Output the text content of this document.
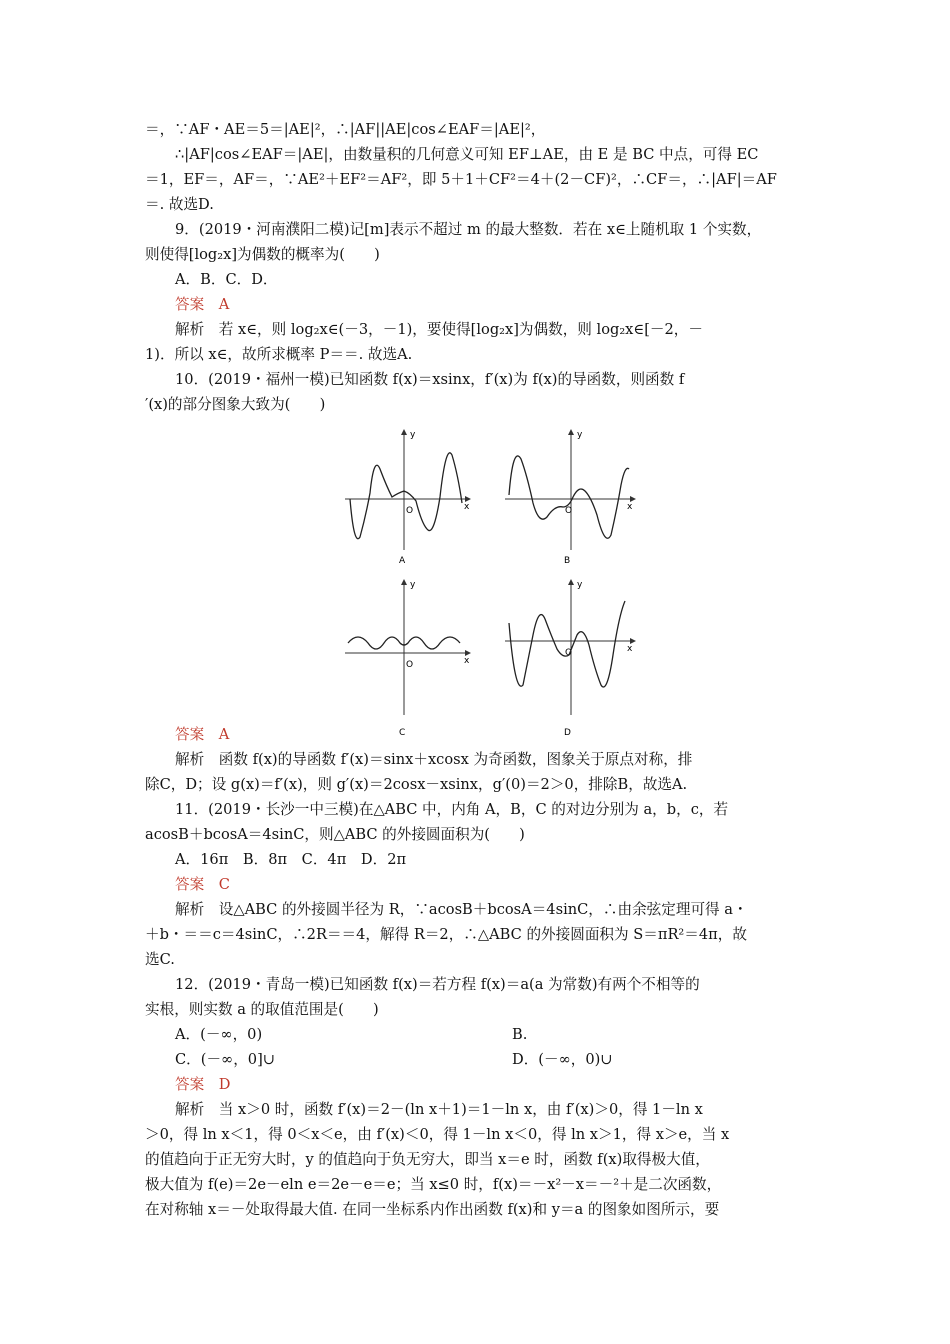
＝，∵AF・AE＝5＝|AE|²，∴|AF||AE|cos∠EAF＝|AE|²，
∴|AF|cos∠EAF＝|AE|，由数量积的几何意义可知 EF⊥AE，由 E 是 BC 中点，可得 EC
＝1，EF＝，AF＝，∵AE²＋EF²＝AF²，即 5＋1＋CF²＝4＋(2－CF)²，∴CF＝，∴|AF|＝AF
＝. 故选D.
9．(2019・河南濮阳二模)记[m]表示不超过 m 的最大整数．若在 x∈上随机取 1 个实数，
则使得[log₂x]为偶数的概率为(　　)
A．B．C．D．
答案　A
解析　若 x∈，则 log₂x∈(－3，－1)，要使得[log₂x]为偶数，则 log₂x∈[－2，－
1)．所以 x∈，故所求概率 P＝＝. 故选A.
10．(2019・福州一模)已知函数 f(x)＝xsinx，f′(x)为 f(x)的导函数，则函数 f
′(x)的部分图象大致为(　　)
答案　A
解析　函数 f(x)的导函数 f′(x)＝sinx＋xcosx 为奇函数，图象关于原点对称，排
除C，D；设 g(x)＝f′(x)，则 g′(x)＝2cosx－xsinx，g′(0)＝2＞0，排除B，故选A.
11．(2019・长沙一中三模)在△ABC 中，内角 A，B，C 的对边分别为 a，b，c，若
acosB＋bcosA＝4sinC，则△ABC 的外接圆面积为(　　)
A．16π　B．8π　C．4π　D．2π
答案　C
解析　设△ABC 的外接圆半径为 R，∵acosB＋bcosA＝4sinC，∴由余弦定理可得 a・
＋b・＝＝c＝4sinC，∴2R＝＝4，解得 R＝2，∴△ABC 的外接圆面积为 S＝πR²＝4π，故
选C.
12．(2019・青岛一模)已知函数 f(x)＝若方程 f(x)＝a(a 为常数)有两个不相等的
实根，则实数 a 的取值范围是(　　)
A．(－∞，0)	B.
C．(－∞，0]∪	D．(－∞，0)∪
答案　D
解析　当 x＞0 时，函数 f′(x)＝2－(ln x＋1)＝1－ln x，由 f′(x)＞0，得 1－ln x
＞0，得 ln x＜1，得 0＜x＜e，由 f′(x)＜0，得 1－ln x＜0，得 ln x＞1，得 x＞e，当 x
的值趋向于正无穷大时，y 的值趋向于负无穷大，即当 x＝e 时，函数 f(x)取得极大值，
极大值为 f(e)＝2e－eln e＝2e－e＝e；当 x≤0 时，f(x)＝－x²－x＝－²＋是二次函数，
在对称轴 x＝－处取得最大值. 在同一坐标系内作出函数 f(x)和 y＝a 的图象如图所示，要
y
x
O
A
y
x
O
B
y
x
O
C
y
x
O
D
